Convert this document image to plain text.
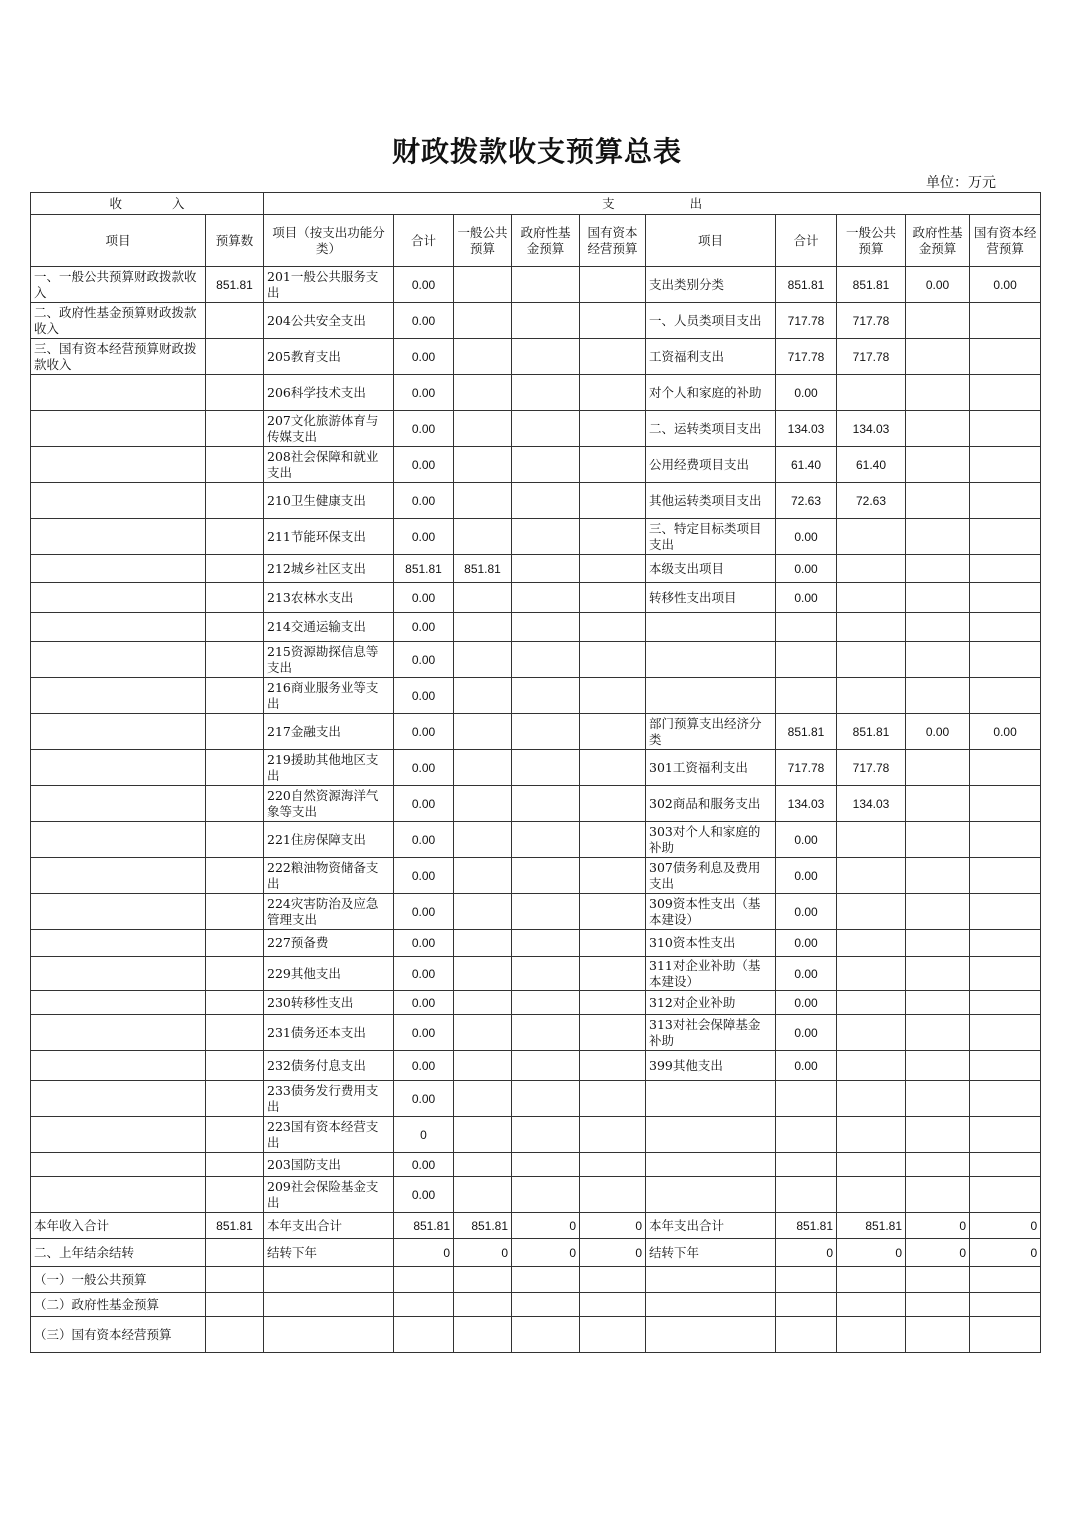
财政拨款收支预算总表
单位：万元
收　　　　入		支　　　　　　出									
项目	预算数	项目（按支出功能分类）	合计	一般公共预算	政府性基金预算	国有资本经营预算	项目	合计	一般公共预算	政府性基金预算	国有资本经营预算
一、一般公共预算财政拨款收入	851.81	201一般公共服务支出	0.00				支出类别分类	851.81	851.81	0.00	0.00
二、政府性基金预算财政拨款收入		204公共安全支出	0.00				一、人员类项目支出	717.78	717.78		
三、国有资本经营预算财政拨款收入		205教育支出	0.00				工资福利支出	717.78	717.78		
		206科学技术支出	0.00				对个人和家庭的补助	0.00			
		207文化旅游体育与传媒支出	0.00				二、运转类项目支出	134.03	134.03		
		208社会保障和就业支出	0.00				公用经费项目支出	61.40	61.40		
		210卫生健康支出	0.00				其他运转类项目支出	72.63	72.63		
		211节能环保支出	0.00				三、特定目标类项目支出	0.00			
		212城乡社区支出	851.81	851.81			本级支出项目	0.00			
		213农林水支出	0.00				转移性支出项目	0.00			
		214交通运输支出	0.00								
		215资源勘探信息等支出	0.00								
		216商业服务业等支出	0.00								
		217金融支出	0.00				部门预算支出经济分类	851.81	851.81	0.00	0.00
		219援助其他地区支出	0.00				301工资福利支出	717.78	717.78		
		220自然资源海洋气象等支出	0.00				302商品和服务支出	134.03	134.03		
		221住房保障支出	0.00				303对个人和家庭的补助	0.00			
		222粮油物资储备支出	0.00				307债务利息及费用支出	0.00			
		224灾害防治及应急管理支出	0.00				309资本性支出（基本建设）	0.00			
		227预备费	0.00				310资本性支出	0.00			
		229其他支出	0.00				311对企业补助（基本建设）	0.00			
		230转移性支出	0.00				312对企业补助	0.00			
		231债务还本支出	0.00				313对社会保障基金补助	0.00			
		232债务付息支出	0.00				399其他支出	0.00			
		233债务发行费用支出	0.00								
		223国有资本经营支出	0								
		203国防支出	0.00								
		209社会保险基金支出	0.00								
本年收入合计	851.81	本年支出合计	851.81	851.81	0	0	本年支出合计	851.81	851.81	0	0
二、上年结余结转		结转下年	0	0	0	0	结转下年	0	0	0	0
（一）一般公共预算											
（二）政府性基金预算											
（三）国有资本经营预算											
